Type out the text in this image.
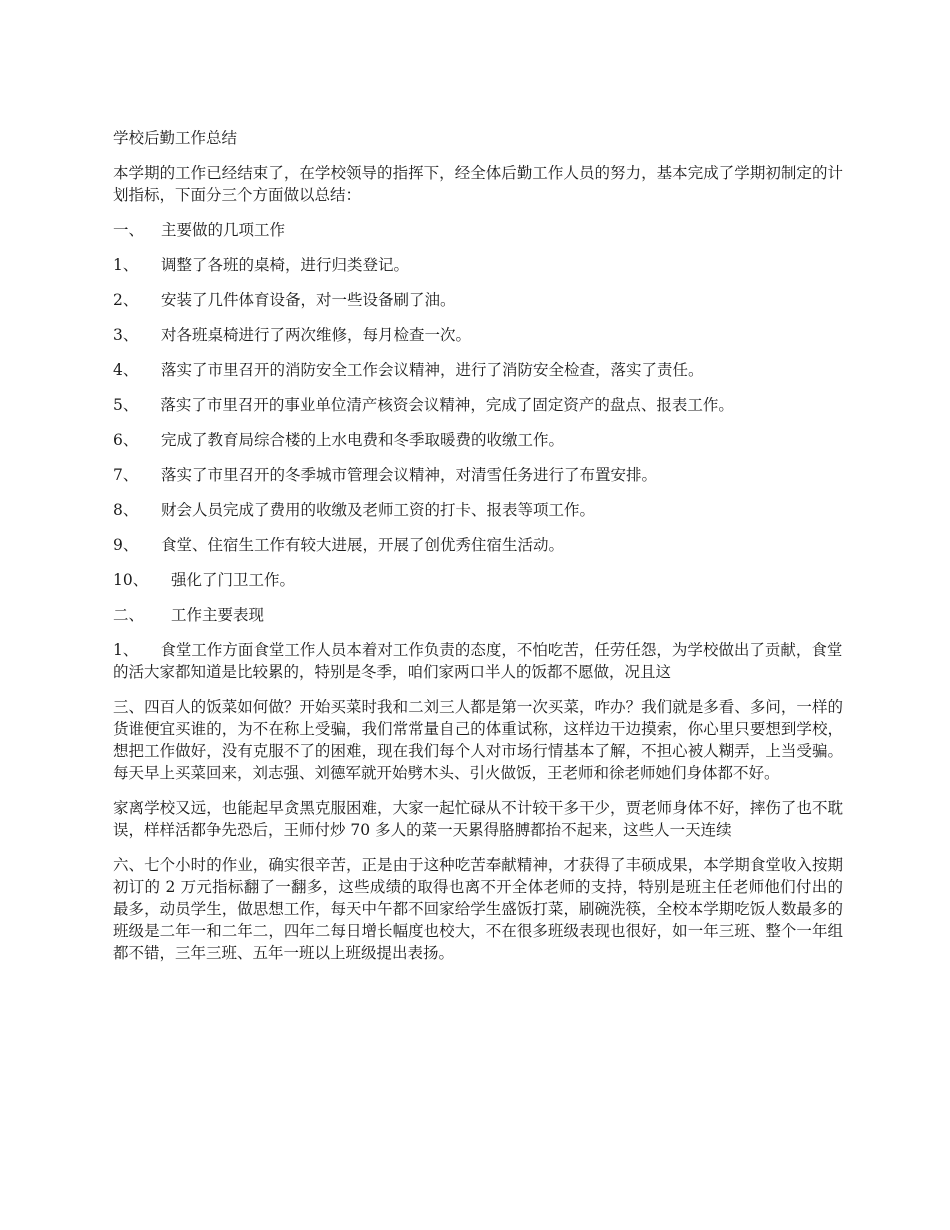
学校后勤工作总结
本学期的工作已经结束了，在学校领导的指挥下，经全体后勤工作人员的努力，基本完成了学期初制定的计划指标，下面分三个方面做以总结：
一、	主要做的几项工作
1、	调整了各班的桌椅，进行归类登记。
2、	安装了几件体育设备，对一些设备刷了油。
3、	对各班桌椅进行了两次维修，每月检查一次。
4、	落实了市里召开的消防安全工作会议精神，进行了消防安全检查，落实了责任。
5、 落实了市里召开的事业单位清产核资会议精神，完成了固定资产的盘点、报表工作。
6、	完成了教育局综合楼的上水电费和冬季取暖费的收缴工作。
7、	落实了市里召开的冬季城市管理会议精神，对清雪任务进行了布置安排。
8、	财会人员完成了费用的收缴及老师工资的打卡、报表等项工作。
9、	食堂、住宿生工作有较大进展，开展了创优秀住宿生活动。
10、	强化了门卫工作。
二、	工作主要表现
1、 食堂工作方面食堂工作人员本着对工作负责的态度，不怕吃苦，任劳任怨，为学校做出了贡献，食堂的活大家都知道是比较累的，特别是冬季，咱们家两口半人的饭都不愿做，况且这
三、四百人的饭菜如何做？开始买菜时我和二刘三人都是第一次买菜，咋办？我们就是多看、多问，一样的货谁便宜买谁的，为不在称上受骗，我们常常量自己的体重试称，这样边干边摸索，你心里只要想到学校，想把工作做好，没有克服不了的困难，现在我们每个人对市场行情基本了解，不担心被人糊弄，上当受骗。每天早上买菜回来，刘志强、刘德军就开始劈木头、引火做饭，王老师和徐老师她们身体都不好。
家离学校又远，也能起早贪黑克服困难，大家一起忙碌从不计较干多干少，贾老师身体不好，摔伤了也不耽误，样样活都争先恐后，王师付炒 70 多人的菜一天累得胳膊都抬不起来，这些人一天连续
六、七个小时的作业，确实很辛苦，正是由于这种吃苦奉献精神，才获得了丰硕成果，本学期食堂收入按期初订的 2 万元指标翻了一翻多，这些成绩的取得也离不开全体老师的支持，特别是班主任老师他们付出的最多，动员学生，做思想工作，每天中午都不回家给学生盛饭打菜，刷碗洗筷，全校本学期吃饭人数最多的班级是二年一和二年二，四年二每日增长幅度也校大，不在很多班级表现也很好，如一年三班、整个一年组都不错，三年三班、五年一班以上班级提出表扬。
